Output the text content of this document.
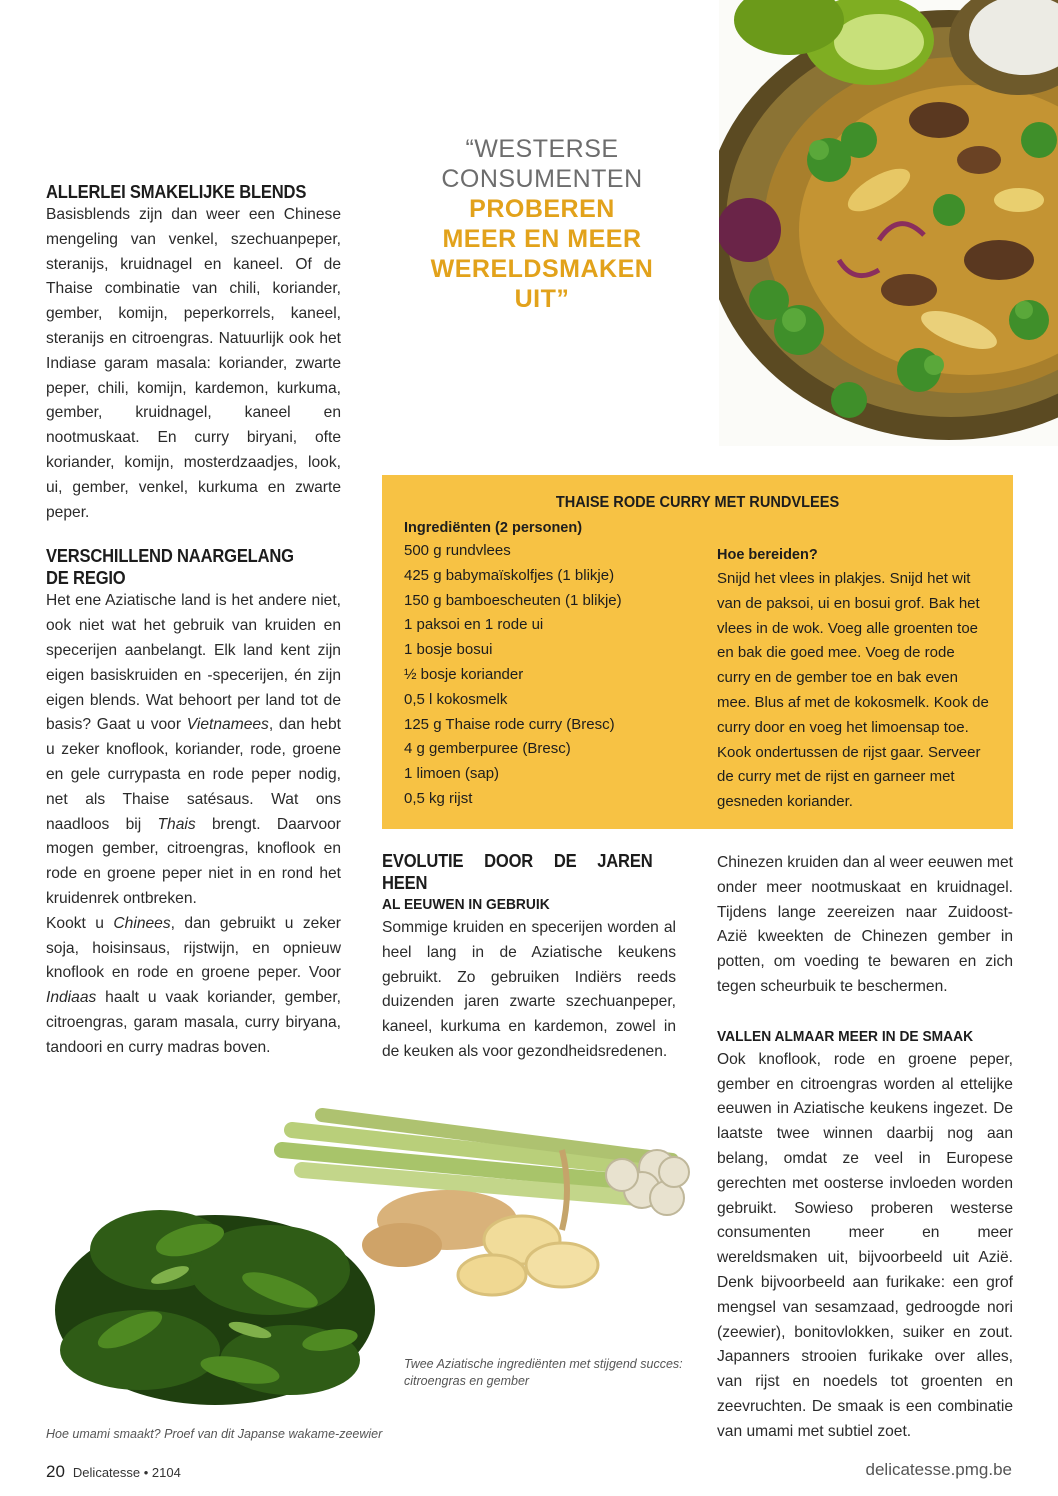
“WESTERSE
CONSUMENTEN
PROBEREN
MEER EN MEER
WERELDSMAKEN
UIT”
ALLERLEI SMAKELIJKE BLENDS

Basisblends zijn dan weer een Chinese mengeling van venkel, szechuanpeper, steranijs, kruidnagel en kaneel. Of de Thaise combinatie van chili, koriander, gember, komijn, peperkorrels, kaneel, steranijs en citroengras. Natuurlijk ook het Indiase garam masala: koriander, zwarte peper, chili, komijn, kardemon, kurkuma, gember, kruidnagel, kaneel en nootmuskaat. En curry biryani, ofte koriander, komijn, mosterdzaadjes, look, ui, gember, venkel, kurkuma en zwarte peper.

VERSCHILLEND NAARGELANG
DE REGIO

Het ene Aziatische land is het andere niet, ook niet wat het gebruik van kruiden en specerijen aanbelangt. Elk land kent zijn eigen basiskruiden en -specerijen, én zijn eigen blends. Wat behoort per land tot de basis? Gaat u voor Vietnamees, dan hebt u zeker knoflook, koriander, rode, groene en gele currypasta en rode peper nodig, net als Thaise satésaus. Wat ons naadloos bij Thais brengt. Daarvoor mogen gember, citroengras, knoflook en rode en groene peper niet in en rond het kruidenrek ontbreken.

Kookt u Chinees, dan gebruikt u zeker soja, hoisinsaus, rijstwijn, en opnieuw knoflook en rode en groene peper. Voor Indiaas haalt u vaak koriander, gember, citroengras, garam masala, curry biryana, tandoori en curry madras boven.

THAISE RODE CURRY MET RUNDVLEES
Ingrediënten (2 personen)
500 g rundvlees
425 g babymaïskolfjes (1 blikje)
150 g bamboescheuten (1 blikje)
1 paksoi en 1 rode ui
1 bosje bosui
½ bosje koriander
0,5 l kokosmelk
125 g Thaise rode curry (Bresc)
4 g gemberpuree (Bresc)
1 limoen (sap)
0,5 kg rijst
Hoe bereiden?
Snijd het vlees in plakjes. Snijd het wit van de paksoi, ui en bosui grof. Bak het vlees in de wok. Voeg alle groenten toe en bak die goed mee. Voeg de rode curry en de gember toe en bak even mee. Blus af met de kokosmelk. Kook de curry door en voeg het limoensap toe. Kook ondertussen de rijst gaar. Serveer de curry met de rijst en garneer met gesneden koriander.
EVOLUTIE DOOR DE JAREN HEEN
AL EEUWEN IN GEBRUIK

Sommige kruiden en specerijen worden al heel lang in de Aziatische keukens gebruikt. Zo gebruiken Indiërs reeds duizenden jaren zwarte szechuanpeper, kaneel, kurkuma en kardemon, zowel in de keuken als voor gezondheidsredenen.

Chinezen kruiden dan al weer eeuwen met onder meer nootmuskaat en kruidnagel. Tijdens lange zeereizen naar Zuidoost-Azië kweekten de Chinezen gember in potten, om voeding te bewaren en zich tegen scheurbuik te beschermen.

VALLEN ALMAAR MEER IN DE SMAAK

Ook knoflook, rode en groene peper, gember en citroengras worden al ettelijke eeuwen in Aziatische keukens ingezet. De laatste twee winnen daarbij nog aan belang, omdat ze veel in Europese gerechten met oosterse invloeden worden gebruikt. Sowieso proberen westerse consumenten meer en meer wereldsmaken uit, bijvoorbeeld uit Azië. Denk bijvoorbeeld aan furikake: een grof mengsel van sesamzaad, gedroogde nori (zeewier), bonitovlokken, suiker en zout. Japanners strooien furikake over alles, van rijst en noedels tot groenten en zeevruchten. De smaak is een combinatie van umami met subtiel zoet.

Twee Aziatische ingrediënten met stijgend succes: citroengras en gember
Hoe umami smaakt? Proef van dit Japanse wakame-zeewier
20 Delicatesse • 2104	delicatesse.pmg.be
